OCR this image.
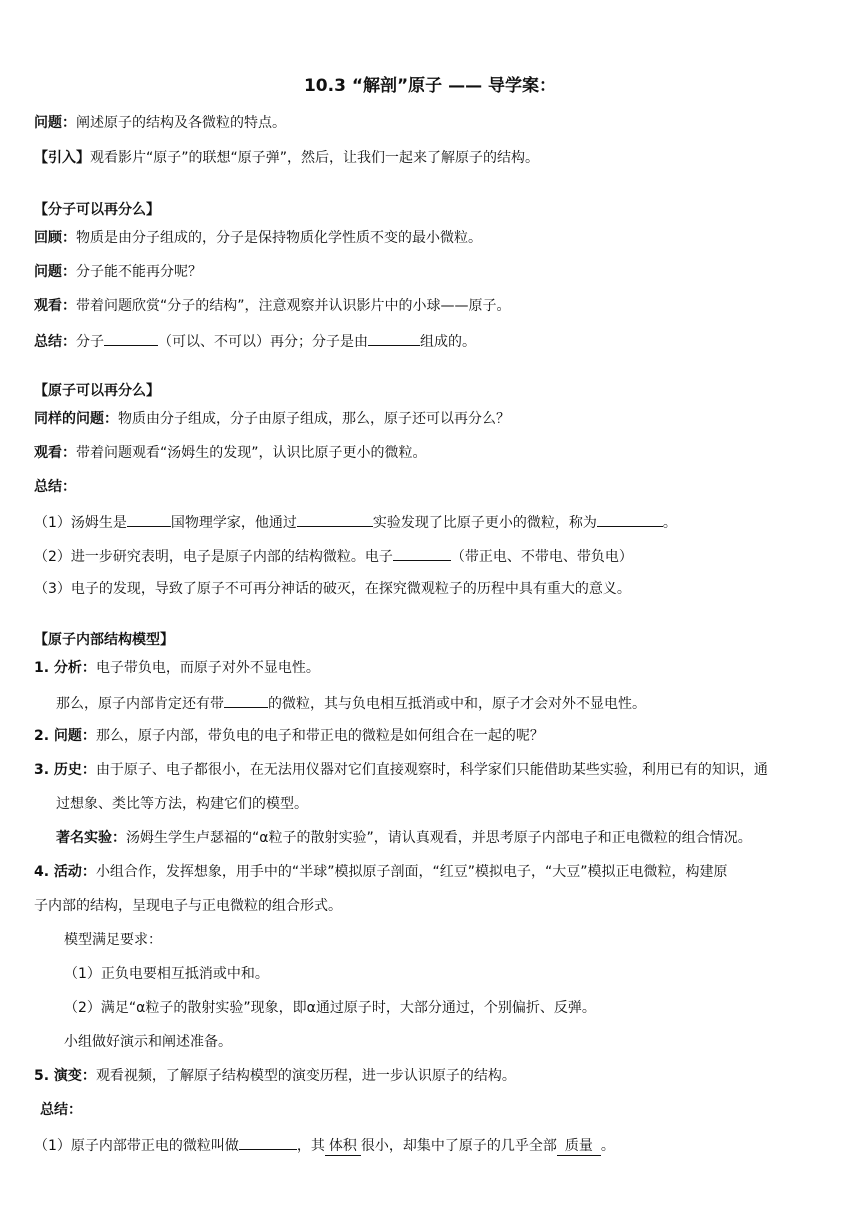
10.3 “解剖”原子 —— 导学案：
问题：阐述原子的结构及各微粒的特点。
【引入】观看影片“原子”的联想“原子弹”，然后，让我们一起来了解原子的结构。
【分子可以再分么】
回顾：物质是由分子组成的，分子是保持物质化学性质不变的最小微粒。
问题：分子能不能再分呢？
观看：带着问题欣赏“分子的结构”，注意观察并认识影片中的小球——原子。
总结：分子	（可以、不可以）再分；分子是由	组成的。
【原子可以再分么】
同样的问题：物质由分子组成，分子由原子组成，那么，原子还可以再分么？
观看：带着问题观看“汤姆生的发现”，认识比原子更小的微粒。
总结：
（1）汤姆生是	国物理学家，他通过	实验发现了比原子更小的微粒，称为	。
（2）进一步研究表明，电子是原子内部的结构微粒。电子	（带正电、不带电、带负电）
（3）电子的发现，导致了原子不可再分神话的破灭，在探究微观粒子的历程中具有重大的意义。
【原子内部结构模型】
1. 分析：电子带负电，而原子对外不显电性。
那么，原子内部肯定还有带	的微粒，其与负电相互抵消或中和，原子才会对外不显电性。
2. 问题：那么，原子内部，带负电的电子和带正电的微粒是如何组合在一起的呢？
3. 历史：由于原子、电子都很小，在无法用仪器对它们直接观察时，科学家们只能借助某些实验，利用已有的知识，通
过想象、类比等方法，构建它们的模型。
著名实验：汤姆生学生卢瑟福的“α粒子的散射实验”，请认真观看，并思考原子内部电子和正电微粒的组合情况。
4. 活动：小组合作，发挥想象，用手中的“半球”模拟原子剖面，“红豆”模拟电子，“大豆”模拟正电微粒，构建原
子内部的结构，呈现电子与正电微粒的组合形式。
模型满足要求：
（1）正负电要相互抵消或中和。
（2）满足“α粒子的散射实验”现象，即α通过原子时，大部分通过，个别偏折、反弹。
小组做好演示和阐述准备。
5. 演变：观看视频，了解原子结构模型的演变历程，进一步认识原子的结构。
总结：
（1）原子内部带正电的微粒叫做	，其 体积 很小，却集中了原子的几乎全部 质量 。
